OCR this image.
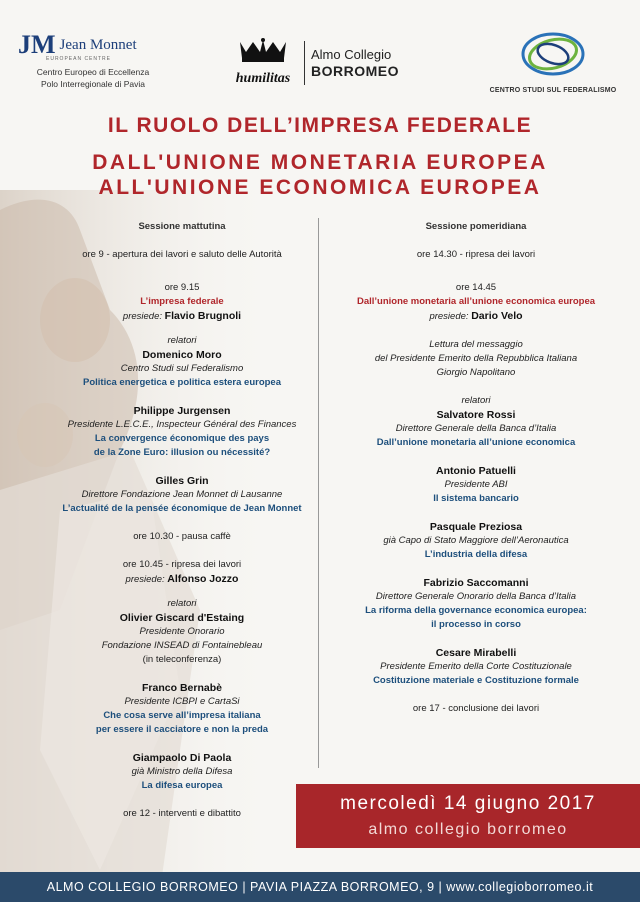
JM Jean Monnet
EUROPEAN CENTRE
Centro Europeo di Eccellenza
Polo Interregionale di Pavia	humilitas
Almo Collegio
BORROMEO
CENTRO STUDI SUL FEDERALISMO
IL RUOLO DELL’IMPRESA FEDERALE
DALL'UNIONE MONETARIA EUROPEA
ALL'UNIONE ECONOMICA EUROPEA
Sessione mattutina
ore 9 - apertura dei lavori e saluto delle Autorità
ore 9.15
L’impresa federale
presiede: Flavio Brugnoli
relatori
Domenico Moro
Centro Studi sul Federalismo
Politica energetica e politica estera europea
Philippe Jurgensen
Presidente L.E.C.E., Inspecteur Général des Finances
La convergence économique des pays
de la Zone Euro: illusion ou nécessité?
Gilles Grin
Direttore Fondazione Jean Monnet di Lausanne
L’actualité de la pensée économique de Jean Monnet
ore 10.30 - pausa caffè
ore 10.45 - ripresa dei lavori
presiede: Alfonso Jozzo
relatori
Olivier Giscard d'Estaing
Presidente Onorario
Fondazione INSEAD di Fontainebleau
(in teleconferenza)
Franco Bernabè
Presidente ICBPI e CartaSi
Che cosa serve all’impresa italiana
per essere il cacciatore e non la preda
Giampaolo Di Paola
già Ministro della Difesa
La difesa europea
ore 12 - interventi e dibattito
Sessione pomeridiana
ore 14.30 - ripresa dei lavori
ore 14.45
Dall’unione monetaria all’unione economica europea
presiede: Dario Velo
Lettura del messaggio
del Presidente Emerito della Repubblica Italiana
Giorgio Napolitano
relatori
Salvatore Rossi
Direttore Generale della Banca d’Italia
Dall’unione monetaria all’unione economica
Antonio Patuelli
Presidente ABI
Il sistema bancario
Pasquale Preziosa
già Capo di Stato Maggiore dell’Aeronautica
L’industria della difesa
Fabrizio Saccomanni
Direttore Generale Onorario della Banca d’Italia
La riforma della governance economica europea:
il processo in corso
Cesare Mirabelli
Presidente Emerito della Corte Costituzionale
Costituzione materiale e Costituzione formale
ore 17 - conclusione dei lavori
mercoledì 14 giugno 2017
almo collegio borromeo
ALMO COLLEGIO BORROMEO | PAVIA PIAZZA BORROMEO, 9 | www.collegioborromeo.it
